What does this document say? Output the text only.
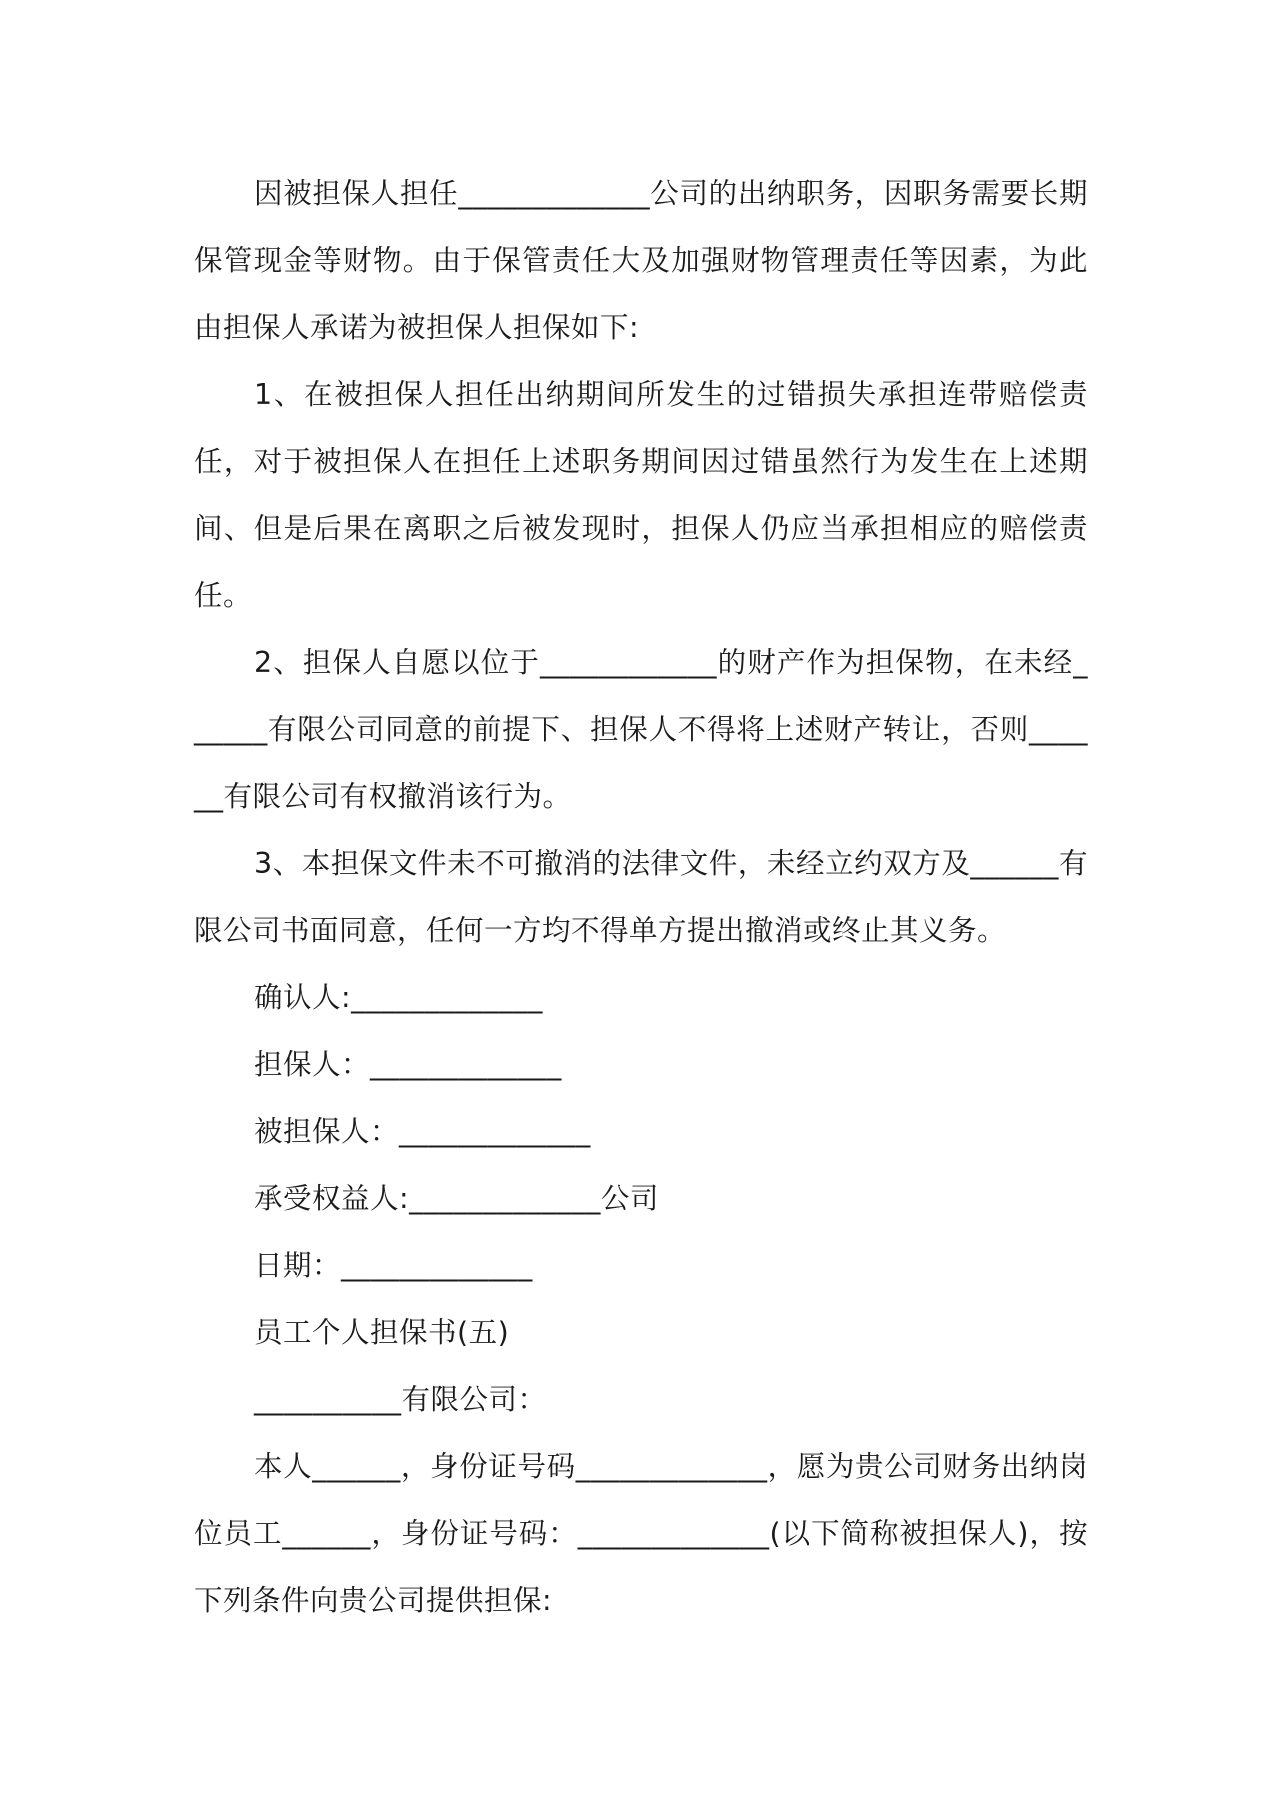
因被担保人担任_____________公司的出纳职务，因职务需要长期保管现金等财物。由于保管责任大及加强财物管理责任等因素，为此由担保人承诺为被担保人担保如下:

1、在被担保人担任出纳期间所发生的过错损失承担连带赔偿责任，对于被担保人在担任上述职务期间因过错虽然行为发生在上述期间、但是后果在离职之后被发现时，担保人仍应当承担相应的赔偿责任。

2、担保人自愿以位于____________的财产作为担保物，在未经______有限公司同意的前提下、担保人不得将上述财产转让，否则______有限公司有权撤消该行为。

3、本担保文件未不可撤消的法律文件，未经立约双方及______有限公司书面同意，任何一方均不得单方提出撤消或终止其义务。

确认人:_____________

担保人：_____________

被担保人：_____________

承受权益人:_____________公司

日期：_____________

员工个人担保书(五)

__________有限公司：

本人______，身份证号码_____________，愿为贵公司财务出纳岗位员工______，身份证号码：_____________(以下简称被担保人)，按下列条件向贵公司提供担保:
